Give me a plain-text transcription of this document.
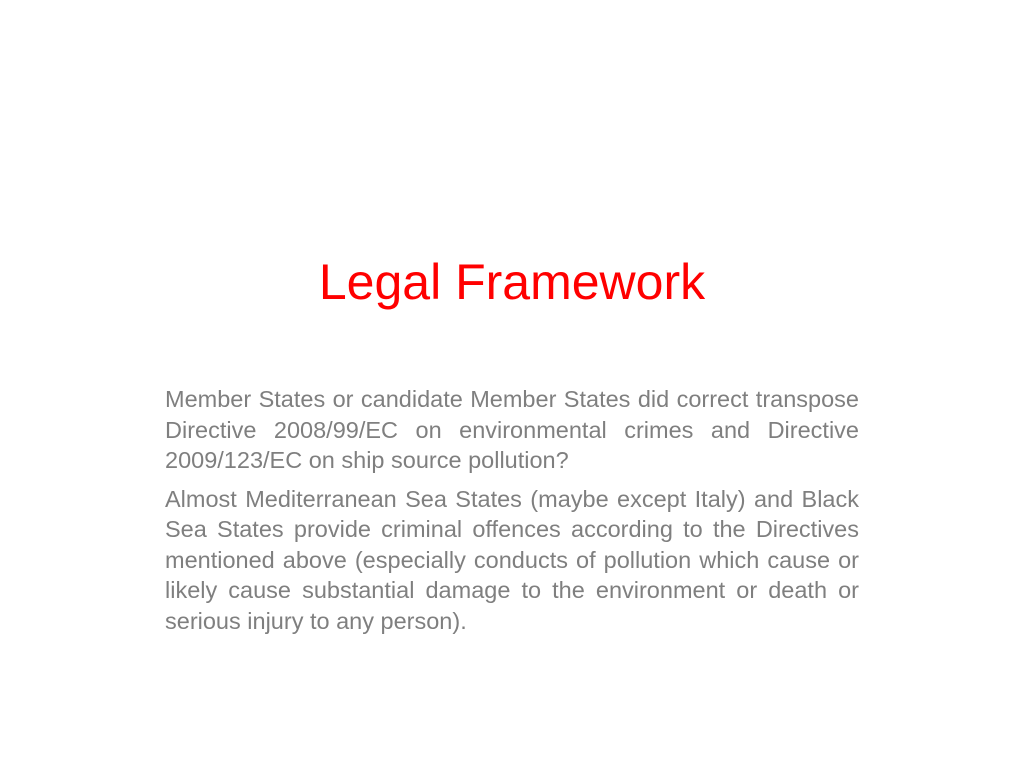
Legal Framework

Member States or candidate Member States did correct transpose Directive 2008/99/EC on environmental crimes and Directive 2009/123/EC on ship source pollution?

Almost Mediterranean Sea States (maybe except Italy) and Black Sea States provide criminal offences according to the Directives mentioned above (especially conducts of pollution which cause or likely cause substantial damage to the environment or death or serious injury to any person).
